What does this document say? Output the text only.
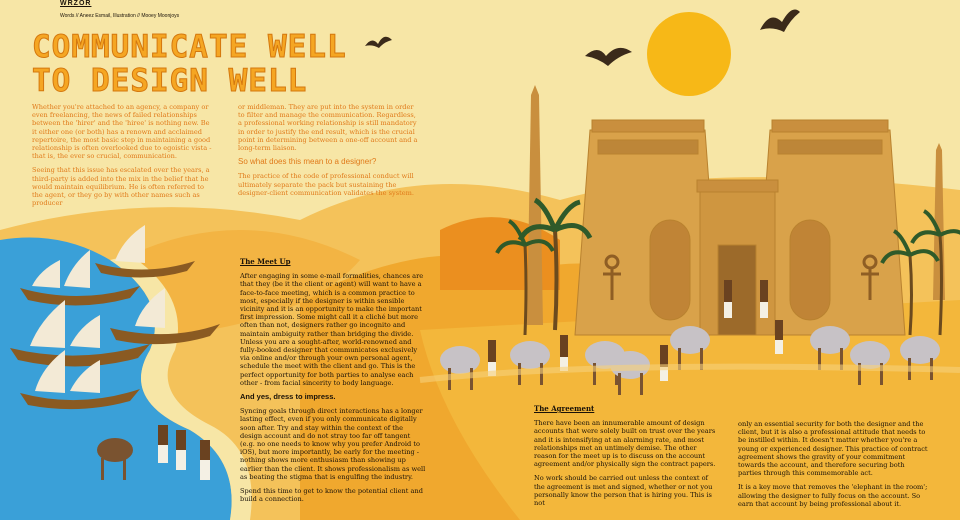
WRZOR
Words // Aneez Esmail, Illustration // Mooey Moonjoys
COMMUNICATE WELL
TO DESIGN WELL

Whether you're attached to an agency, a company or even freelancing, the news of failed relationships between the 'hirer' and the 'hiree' is nothing new. Be it either one (or both) has a renown and acclaimed repertoire, the most basic step in maintaining a good relationship is often overlooked due to egoistic vista - that is, the ever so crucial, communication.

Seeing that this issue has escalated over the years, a third-party is added into the mix in the belief that he would maintain equilibrium. He is often referred to the agent, or they go by with other names such as producer

or middleman. They are put into the system in order to filter and manage the communication. Regardless, a professional working relationship is still mandatory in order to justify the end result, which is the crucial point in determining between a one-off account and a long-term liaison.

So what does this mean to a designer?

The practice of the code of professional conduct will ultimately separate the pack but sustaining the designer-client communication validates the system.

The Meet Up

After engaging in some e-mail formalities, chances are that they (be it the client or agent) will want to have a face-to-face meeting, which is a common practice to most, especially if the designer is within sensible vicinity and it is an opportunity to make the important first impression. Some might call it a cliché but more often than not, designers rather go incognito and maintain ambiguity rather than bridging the divide. Unless you are a sought-after, world-renowned and fully-booked designer that communicates exclusively via online and/or through your own personal agent, schedule the meet with the client and go. This is the perfect opportunity for both parties to analyse each other - from facial sincerity to body language.

And yes, dress to impress.

Syncing goals through direct interactions has a longer lasting effect, even if you only communicate digitally soon after. Try and stay within the context of the design account and do not stray too far off tangent (e.g. no one needs to know why you prefer Android to iOS), but more importantly, be early for the meeting - nothing shows more enthusiasm than showing up earlier than the client. It shows professionalism as well as beating the stigma that is engulfing the industry.

Spend this time to get to know the potential client and build a connection.

The Agreement

There have been an innumerable amount of design accounts that were solely built on trust over the years and it is intensifying at an alarming rate, and most relationships met an untimely demise. The other reason for the meet up is to discuss on the account agreement and/or physically sign the contract papers.

No work should be carried out unless the context of the agreement is met and signed, whether or not you personally know the person that is hiring you. This is not

only an essential security for both the designer and the client, but it is also a professional attitude that needs to be instilled within. It doesn't matter whether you're a young or experienced designer. This practice of contract agreement shows the gravity of your commitment towards the account, and therefore securing both parties through this commemorable act.

It is a key move that removes the 'elephant in the room'; allowing the designer to fully focus on the account. So earn that account by being professional about it.
